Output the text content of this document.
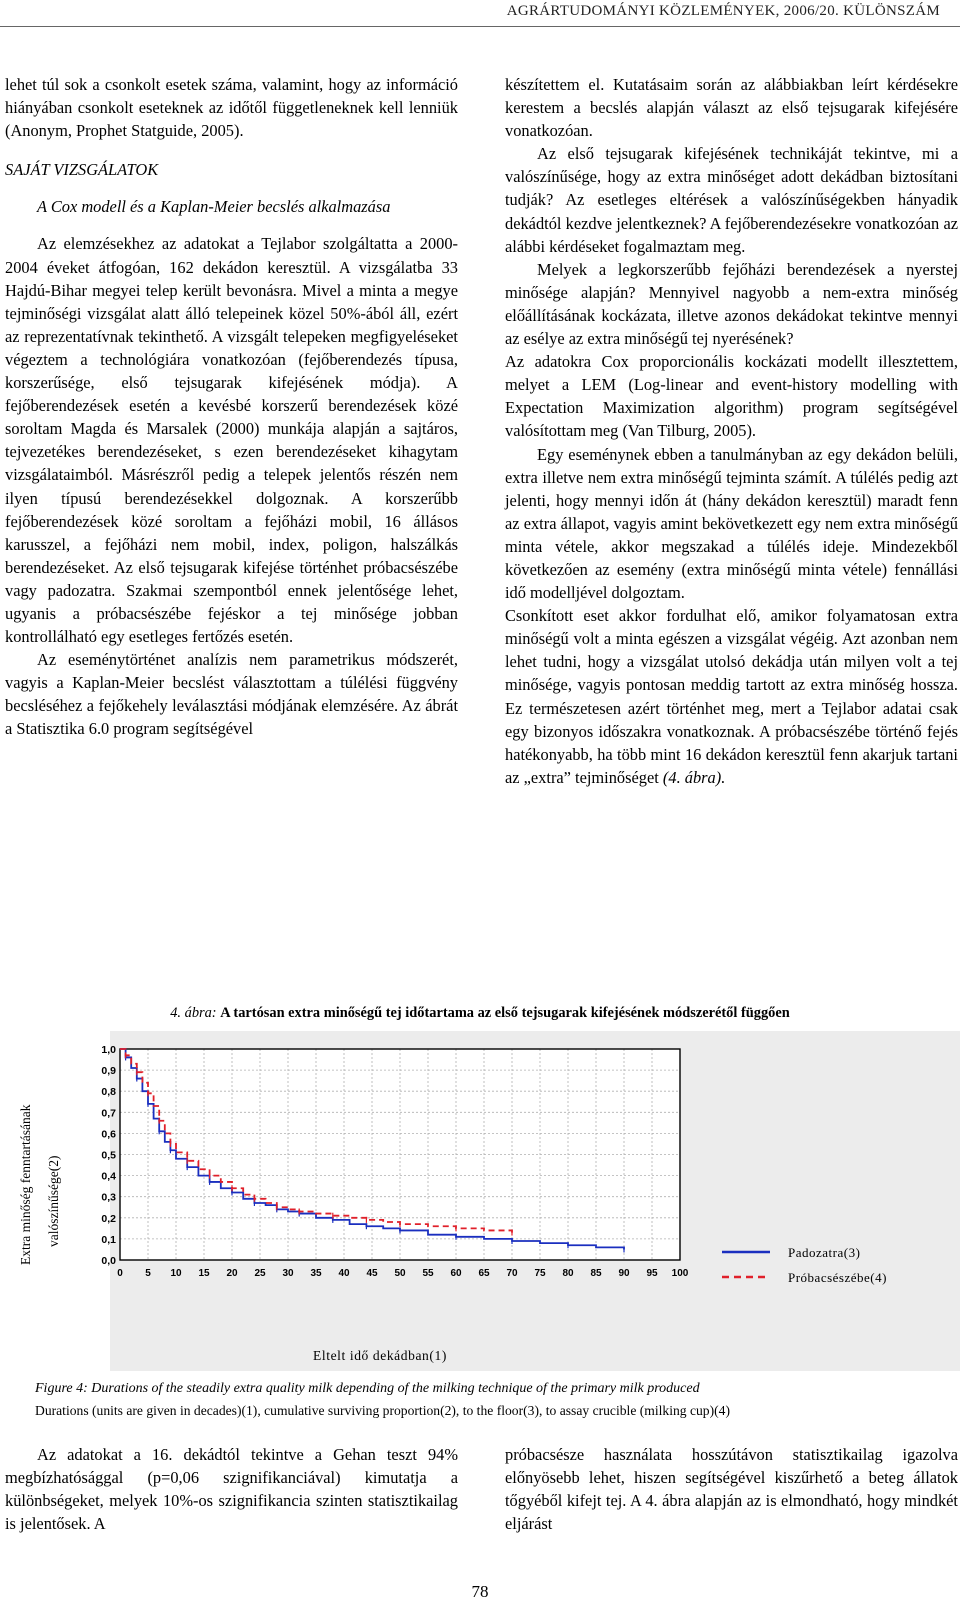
AGRÁRTUDOMÁNYI KÖZLEMÉNYEK, 2006/20. KÜLÖNSZÁM

lehet túl sok a csonkolt esetek száma, valamint, hogy az információ hiányában csonkolt eseteknek az időtől függetleneknek kell lenniük (Anonym, Prophet Statguide, 2005).

SAJÁT VIZSGÁLATOK

A Cox modell és a Kaplan-Meier becslés alkalmazása

Az elemzésekhez az adatokat a Tejlabor szolgáltatta a 2000-2004 éveket átfogóan, 162 dekádon keresztül. A vizsgálatba 33 Hajdú-Bihar megyei telep került bevonásra. Mivel a minta a megye tejminőségi vizsgálat alatt álló telepeinek közel 50%-ából áll, ezért az reprezentatívnak tekinthető. A vizsgált telepeken megfigyeléseket végeztem a technológiára vonatkozóan (fejőberendezés típusa, korszerűsége, első tejsugarak kifejésének módja). A fejőberendezések esetén a kevésbé korszerű berendezések közé soroltam Magda és Marsalek (2000) munkája alapján a sajtáros, tejvezetékes berendezéseket, s ezen berendezéseket kihagytam vizsgálataimból. Másrészről pedig a telepek jelentős részén nem ilyen típusú berendezésekkel dolgoznak. A korszerűbb fejőberendezések közé soroltam a fejőházi mobil, 16 állásos karusszel, a fejőházi nem mobil, index, poligon, halszálkás berendezéseket. Az első tejsugarak kifejése történhet próbacsészébe vagy padozatra. Szakmai szempontból ennek jelentősége lehet, ugyanis a próbacsészébe fejéskor a tej minősége jobban kontrollálható egy esetleges fertőzés esetén.

Az eseménytörténet analízis nem parametrikus módszerét, vagyis a Kaplan-Meier becslést választottam a túlélési függvény becsléséhez a fejőkehely leválasztási módjának elemzésére. Az ábrát a Statisztika 6.0 program segítségével

készítettem el. Kutatásaim során az alábbiakban leírt kérdésekre kerestem a becslés alapján választ az első tejsugarak kifejésére vonatkozóan.

Az első tejsugarak kifejésének technikáját tekintve, mi a valószínűsége, hogy az extra minőséget adott dekádban biztosítani tudják? Az esetleges eltérések a valószínűségekben hányadik dekádtól kezdve jelentkeznek? A fejőberendezésekre vonatkozóan az alábbi kérdéseket fogalmaztam meg.

Melyek a legkorszerűbb fejőházi berendezések a nyerstej minősége alapján? Mennyivel nagyobb a nem-extra minőség előállításának kockázata, illetve azonos dekádokat tekintve mennyi az esélye az extra minőségű tej nyerésének?

Az adatokra Cox proporcionális kockázati modellt illesztettem, melyet a LEM (Log-linear and event-history modelling with Expectation Maximization algorithm) program segítségével valósítottam meg (Van Tilburg, 2005).

Egy eseménynek ebben a tanulmányban az egy dekádon belüli, extra illetve nem extra minőségű tejminta számít. A túlélés pedig azt jelenti, hogy mennyi időn át (hány dekádon keresztül) maradt fenn az extra állapot, vagyis amint bekövetkezett egy nem extra minőségű minta vétele, akkor megszakad a túlélés ideje. Mindezekből következően az esemény (extra minőségű minta vétele) fennállási idő modelljével dolgoztam.

Csonkított eset akkor fordulhat elő, amikor folyamatosan extra minőségű volt a minta egészen a vizsgálat végéig. Azt azonban nem lehet tudni, hogy a vizsgálat utolsó dekádja után milyen volt a tej minősége, vagyis pontosan meddig tartott az extra minőség hossza. Ez természetesen azért történhet meg, mert a Tejlabor adatai csak egy bizonyos időszakra vonatkoznak. A próbacsészébe történő fejés hatékonyabb, ha több mint 16 dekádon keresztül fenn akarjuk tartani az „extra” tejminőséget (4. ábra).

4. ábra: A tartósan extra minőségű tej időtartama az első tejsugarak kifejésének módszerétől függően
0,0
0,1
0,2
0,3
0,4
0,5
0,6
0,7
0,8
0,9
1,0
0 5 10 15 20 25 30 35 40 45 50 55 60 65 70 75 80 85 90 95 100
Extra minőség fenntartásának valószínűsége(2)
Eltelt idő dekádban(1)
Padozatra(3)
Próbacsészébe(4)
Figure 4: Durations of the steadily extra quality milk depending of the milking technique of the primary milk produced
Durations (units are given in decades)(1), cumulative surviving proportion(2), to the floor(3), to assay crucible (milking cup)(4)

Az adatokat a 16. dekádtól tekintve a Gehan teszt 94% megbízhatósággal (p=0,06 szignifikanciával) kimutatja a különbségeket, melyek 10%-os szignifikancia szinten statisztikailag is jelentősek. A

próbacsésze használata hosszútávon statisztikailag igazolva előnyösebb lehet, hiszen segítségével kiszűrhető a beteg állatok tőgyéből kifejt tej. A 4. ábra alapján az is elmondható, hogy mindkét eljárást

78
